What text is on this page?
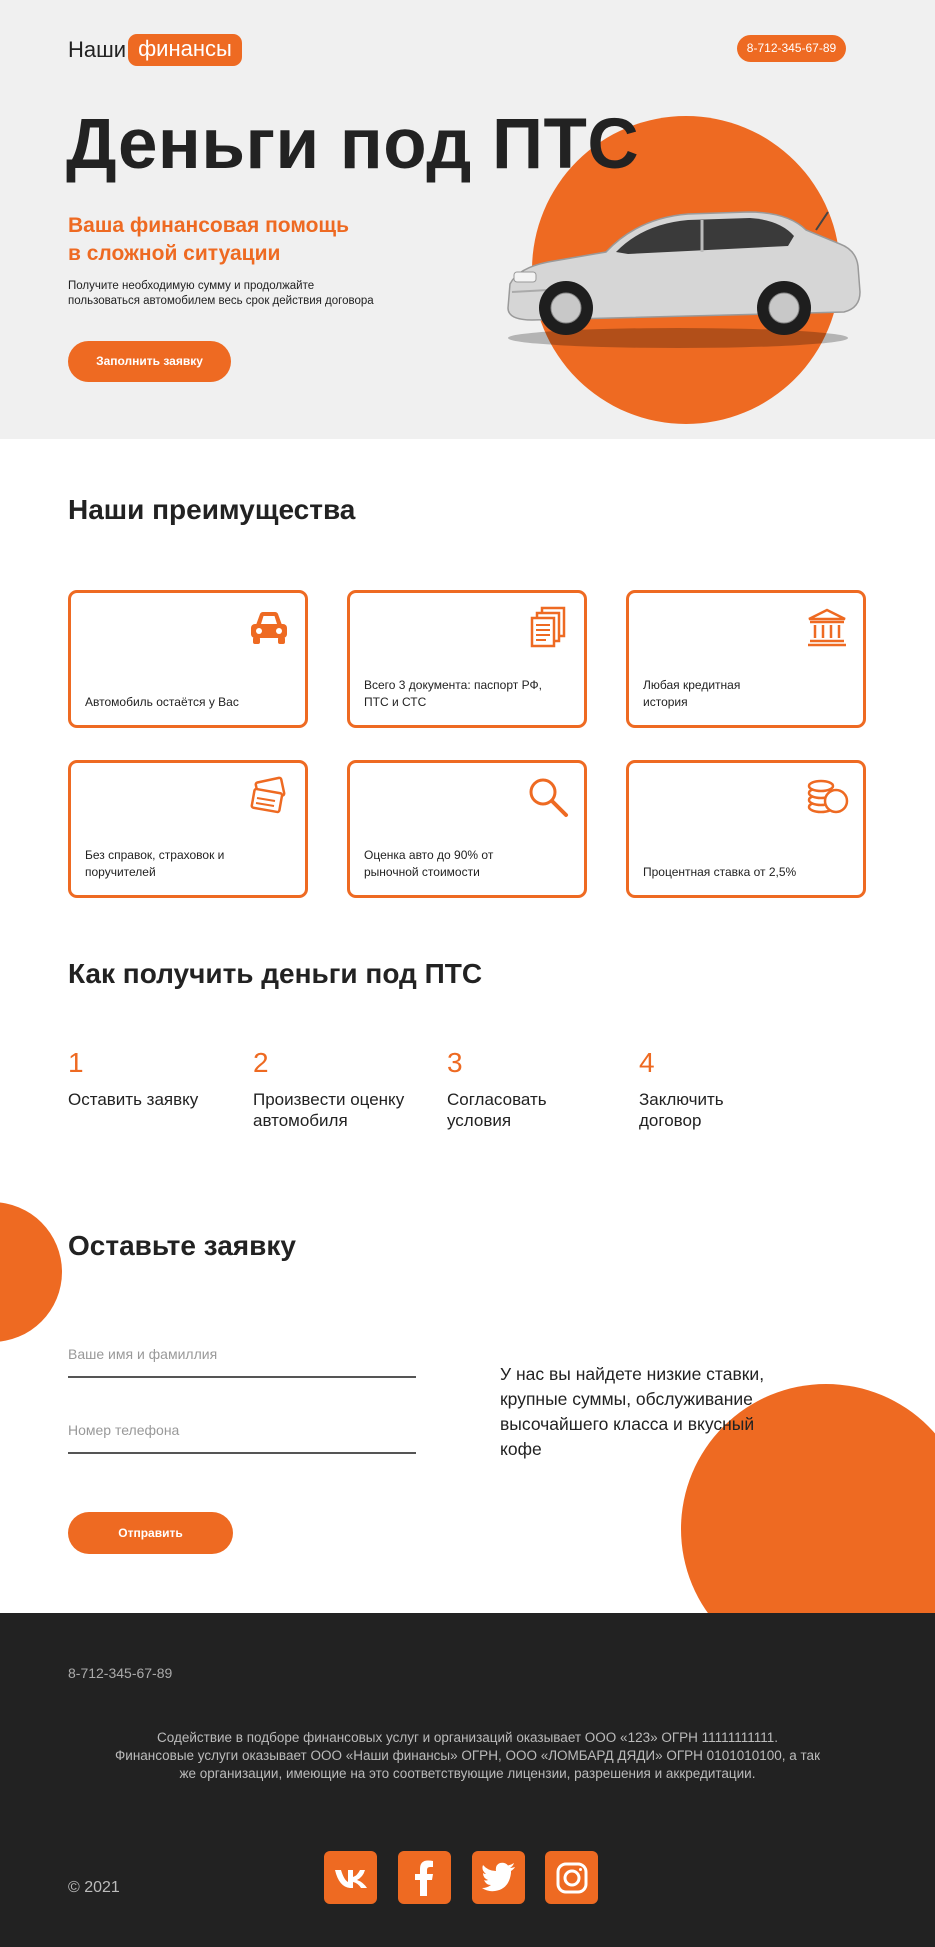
Наши финансы	8-712-345-67-89
Деньги под ПТС
Ваша финансовая помощь
в сложной ситуации
Получите необходимую сумму и продолжайте
пользоваться автомобилем весь срок действия договора
Заполнить заявку
Наши преимущества
Автомобиль остаётся у Вас
Всего 3 документа: паспорт РФ,
ПТС и СТС
Любая кредитная
история
Без справок, страховок и
поручителей
Оценка авто до 90% от
рыночной стоимости	Процентная ставка от 2,5%
Как получить деньги под ПТС
1
Оставить заявку
2
Произвести оценку
автомобиля
3
Согласовать
условия
4
Заключить
договор
Оставьте заявку
Ваше имя и фамиллия
Номер телефона
Отправить
У нас вы найдете низкие ставки,
крупные суммы, обслуживание
высочайшего класса и вкусный
кофе
8-712-345-67-89
Содействие в подборе финансовых услуг и организаций оказывает ООО «123» ОГРН 11111111111.
Финансовые услуги оказывает ООО «Наши финансы» ОГРН, ООО «ЛОМБАРД ДЯДИ» ОГРН 0101010100, а так
же организации, имеющие на это соответствующие лицензии, разрешения и аккредитации.
© 2021
